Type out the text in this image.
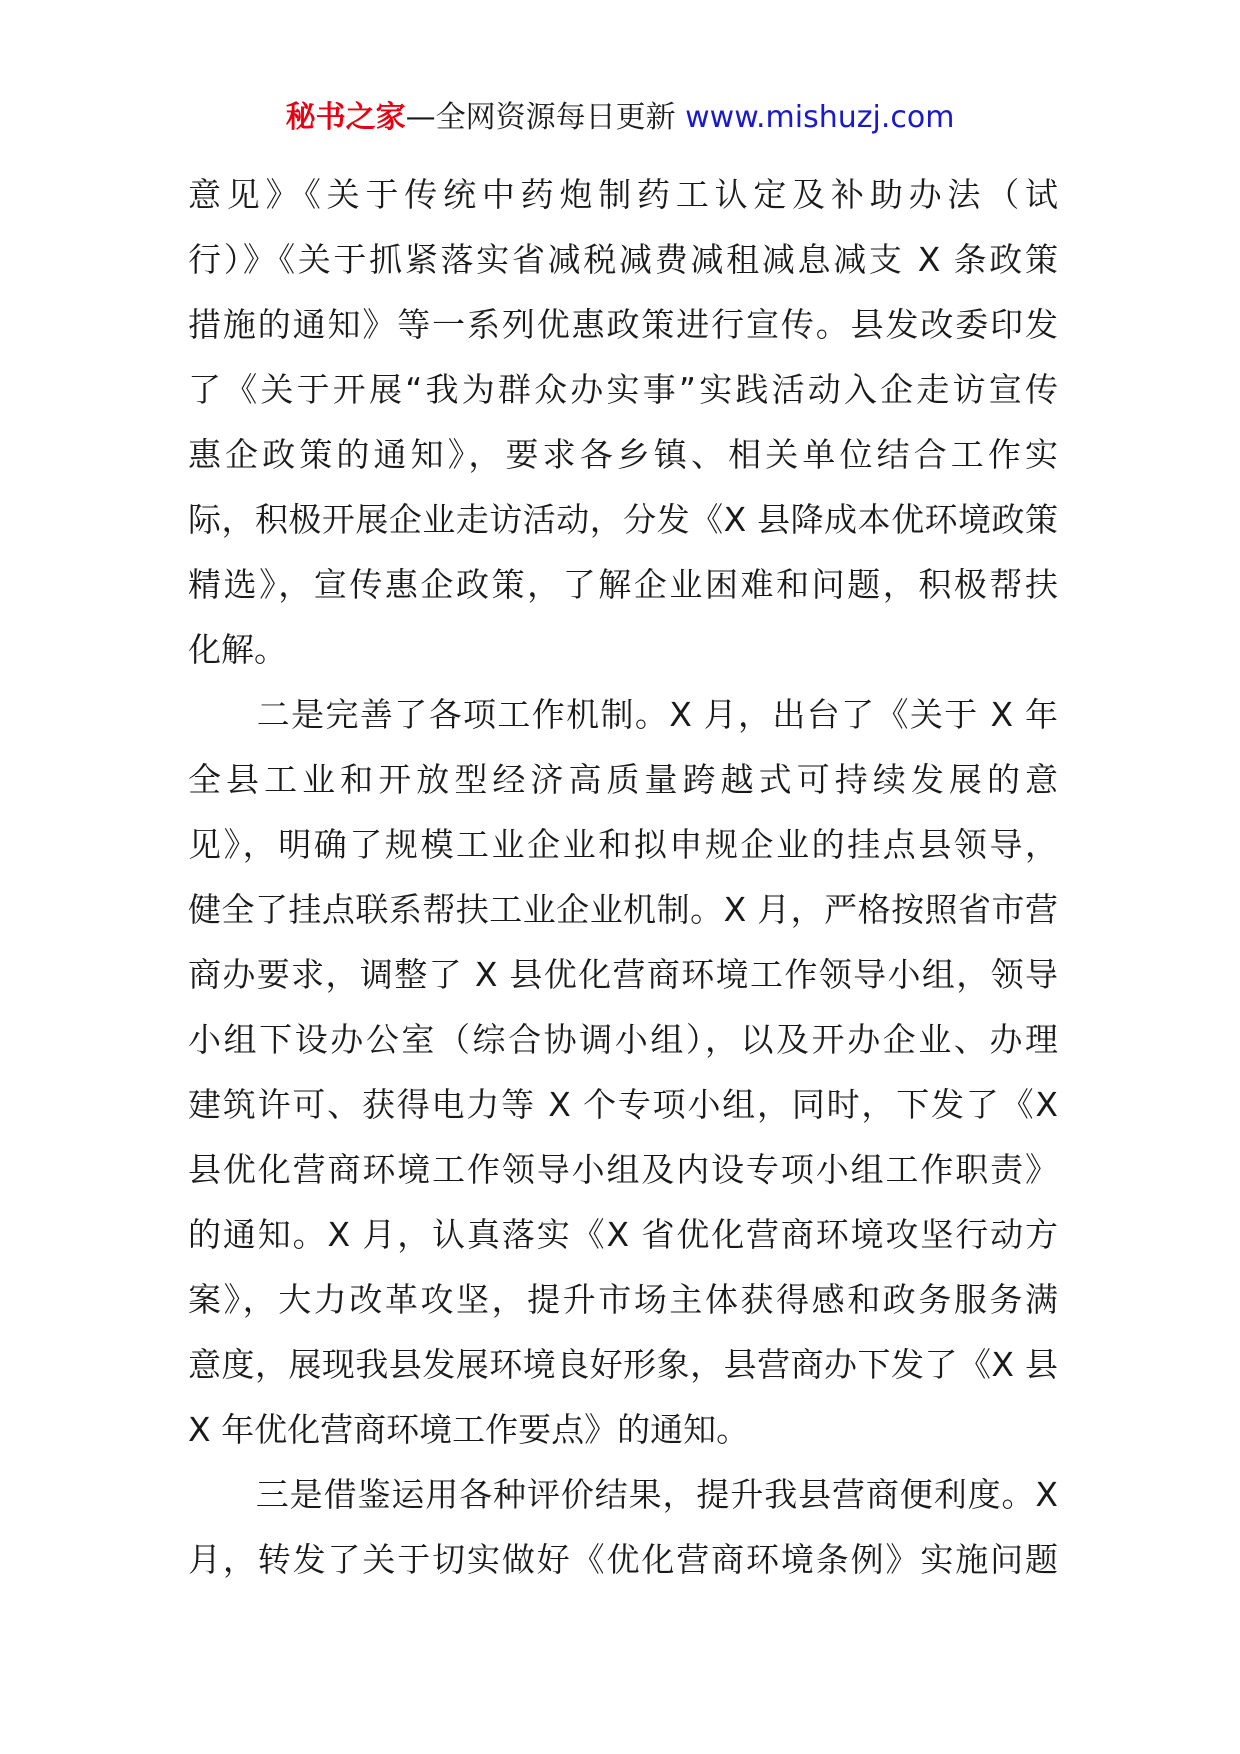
秘书之家—全网资源每日更新 www.mishuzj.com
意见》《关于传统中药炮制药工认定及补助办法（试
行）》《关于抓紧落实省减税减费减租减息减支 X 条政策
措施的通知》等一系列优惠政策进行宣传。县发改委印发
了《关于开展“我为群众办实事”实践活动入企走访宣传
惠企政策的通知》，要求各乡镇、相关单位结合工作实
际，积极开展企业走访活动，分发《X 县降成本优环境政策
精选》，宣传惠企政策，了解企业困难和问题，积极帮扶
化解。
　　二是完善了各项工作机制。X 月，出台了《关于 X 年
全县工业和开放型经济高质量跨越式可持续发展的意
见》，明确了规模工业企业和拟申规企业的挂点县领导，
健全了挂点联系帮扶工业企业机制。X 月，严格按照省市营
商办要求，调整了 X 县优化营商环境工作领导小组，领导
小组下设办公室（综合协调小组），以及开办企业、办理
建筑许可、获得电力等 X 个专项小组，同时，下发了《X
县优化营商环境工作领导小组及内设专项小组工作职责》
的通知。X 月，认真落实《X 省优化营商环境攻坚行动方
案》，大力改革攻坚，提升市场主体获得感和政务服务满
意度，展现我县发展环境良好形象，县营商办下发了《X 县
X 年优化营商环境工作要点》的通知。
　　三是借鉴运用各种评价结果，提升我县营商便利度。X
月，转发了关于切实做好《优化营商环境条例》实施问题
